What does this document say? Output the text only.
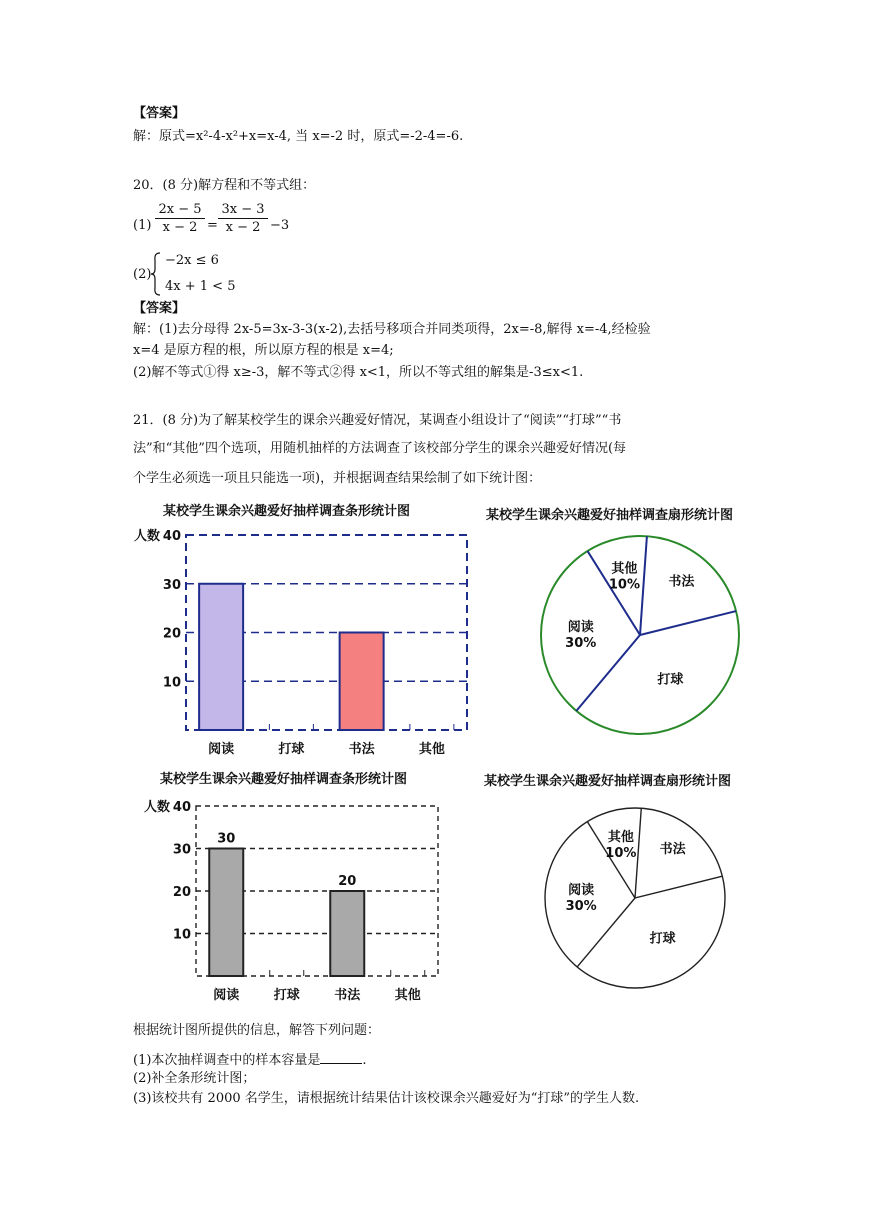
【答案】
解：原式=x²-4-x²+x=x-4, 当 x=-2 时，原式=-2-4=-6.
20．(8 分)解方程和不等式组：
$(1) \frac{2x - 5}{x - 2} = \frac{3x - 3}{x - 2} -3$
(2)
−2x ≤ 6
4x + 1 < 5
【答案】
解：(1)去分母得 2x-5=3x-3-3(x-2),去括号移项合并同类项得，2x=-8,解得 x=-4,经检验
x=4 是原方程的根，所以原方程的根是 x=4;
(2)解不等式①得 x≥-3，解不等式②得 x<1，所以不等式组的解集是-3≤x<1.
21．(8 分)为了解某校学生的课余兴趣爱好情况，某调查小组设计了“阅读”“打球”“书
法”和“其他”四个选项，用随机抽样的方法调查了该校部分学生的课余兴趣爱好情况(每
个学生必须选一项且只能选一项)，并根据调查结果绘制了如下统计图：
某校学生课余兴趣爱好抽样调查条形统计图
10
20
30
40
人数
阅读	打球	书法	其他
某校学生课余兴趣爱好抽样调查扇形统计图
其他
10% 书法
打球
阅读
30%
某校学生课余兴趣爱好抽样调查条形统计图
10
20
30
40
人数
阅读
30
打球	书法
20
其他
某校学生课余兴趣爱好抽样调查扇形统计图
其他
10% 书法
打球
阅读
30%
根据统计图所提供的信息，解答下列问题：
(1)本次抽样调查中的样本容量是	.
(2)补全条形统计图；
(3)该校共有 2000 名学生，请根据统计结果估计该校课余兴趣爱好为“打球”的学生人数.
